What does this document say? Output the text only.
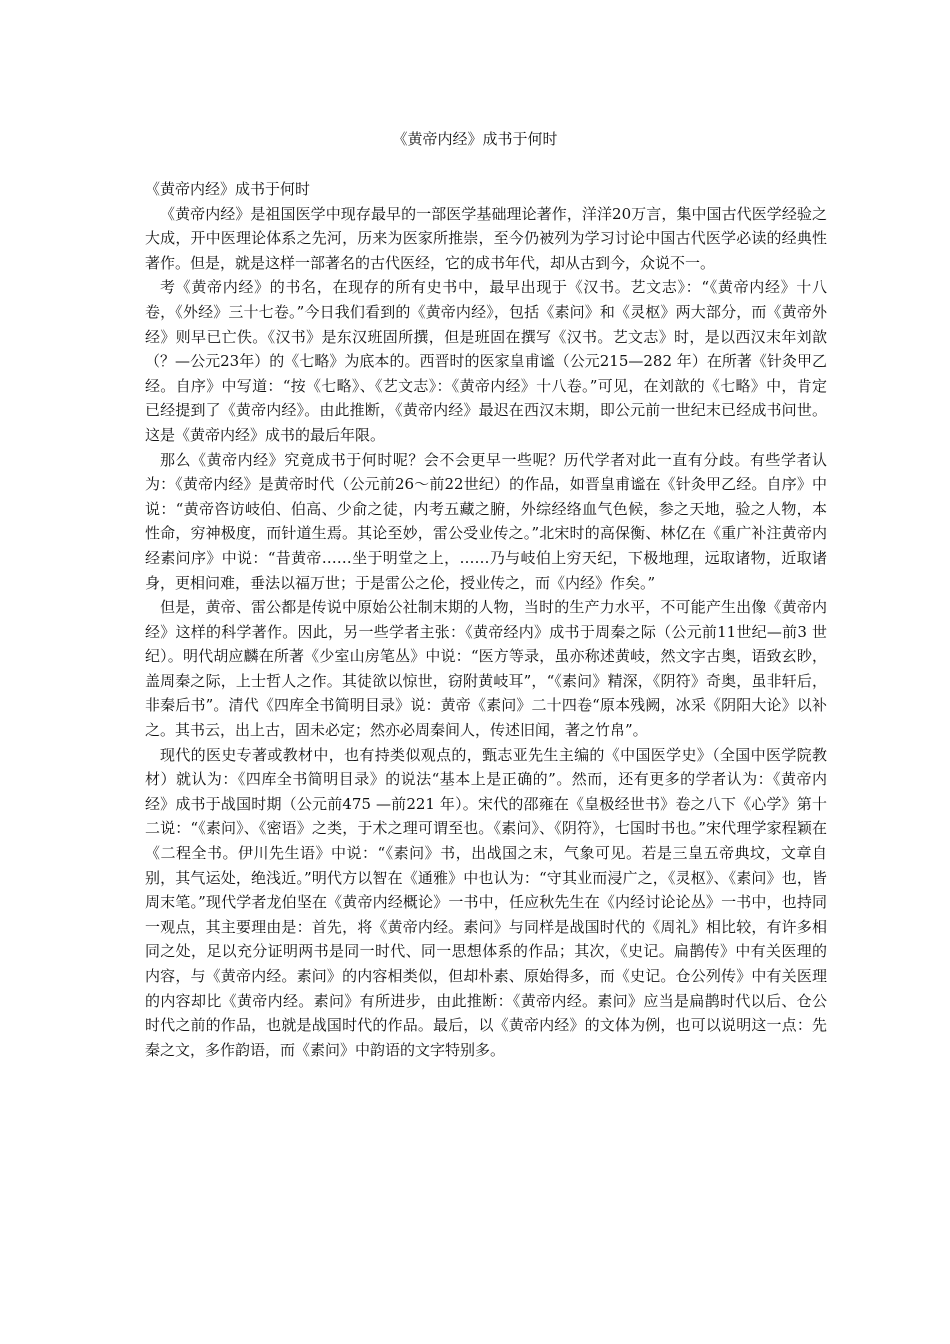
《黄帝内经》成书于何时

《黄帝内经》成书于何时

《黄帝内经》是祖国医学中现存最早的一部医学基础理论著作，洋洋20万言，集中国古代医学经验之大成，开中医理论体系之先河，历来为医家所推崇，至今仍被列为学习讨论中国古代医学必读的经典性著作。但是，就是这样一部著名的古代医经，它的成书年代，却从古到今，众说不一。

考《黄帝内经》的书名，在现存的所有史书中，最早出现于《汉书。艺文志》：“《黄帝内经》十八卷，《外经》三十七卷。”今日我们看到的《黄帝内经》，包括《素问》和《灵枢》两大部分，而《黄帝外经》则早已亡佚。《汉书》是东汉班固所撰，但是班固在撰写《汉书。艺文志》时，是以西汉末年刘歆（？—公元23年）的《七略》为底本的。西晋时的医家皇甫谧（公元215—282 年）在所著《针灸甲乙经。自序》中写道：“按《七略》、《艺文志》：《黄帝内经》十八卷。”可见，在刘歆的《七略》中，肯定已经提到了《黄帝内经》。由此推断，《黄帝内经》最迟在西汉末期，即公元前一世纪末已经成书问世。这是《黄帝内经》成书的最后年限。

那么《黄帝内经》究竟成书于何时呢？会不会更早一些呢？历代学者对此一直有分歧。有些学者认为：《黄帝内经》是黄帝时代（公元前26～前22世纪）的作品，如晋皇甫谧在《针灸甲乙经。自序》中说：“黄帝咨访岐伯、伯高、少俞之徒，内考五藏之腑，外综经络血气色候，参之天地，验之人物，本性命，穷神极度，而针道生焉。其论至妙，雷公受业传之。”北宋时的高保衡、林亿在《重广补注黄帝内经素问序》中说：“昔黄帝……坐于明堂之上，……乃与岐伯上穷天纪，下极地理，远取诸物，近取诸身，更相问难，垂法以福万世；于是雷公之伦，授业传之，而《内经》作矣。”

但是，黄帝、雷公都是传说中原始公社制末期的人物，当时的生产力水平，不可能产生出像《黄帝内经》这样的科学著作。因此，另一些学者主张：《黄帝经内》成书于周秦之际（公元前11世纪—前3 世纪）。明代胡应麟在所著《少室山房笔丛》中说：“医方等录，虽亦称述黄岐，然文字古奥，语致玄眇，盖周秦之际，上士哲人之作。其徒欲以惊世，窃附黄岐耳”，“《素问》精深，《阴符》奇奥，虽非轩后，非秦后书”。清代《四库全书简明目录》说：黄帝《素问》二十四卷“原本残阙，冰采《阴阳大论》以补之。其书云，出上古，固未必定；然亦必周秦间人，传述旧闻，著之竹帛”。

现代的医史专著或教材中，也有持类似观点的，甄志亚先生主编的《中国医学史》（全国中医学院教材）就认为：《四库全书简明目录》的说法“基本上是正确的”。然而，还有更多的学者认为：《黄帝内经》成书于战国时期（公元前475 —前221 年）。宋代的邵雍在《皇极经世书》卷之八下《心学》第十二说：“《素问》、《密语》之类，于术之理可谓至也。《素问》、《阴符》，七国时书也。”宋代理学家程颖在《二程全书。伊川先生语》中说：“《素问》书，出战国之末，气象可见。若是三皇五帝典坟，文章自别，其气运处，绝浅近。”明代方以智在《通雅》中也认为：“守其业而浸广之，《灵枢》、《素问》也，皆周末笔。”现代学者龙伯坚在《黄帝内经概论》一书中，任应秋先生在《内经讨论论丛》一书中，也持同一观点，其主要理由是：首先，将《黄帝内经。素问》与同样是战国时代的《周礼》相比较，有许多相同之处，足以充分证明两书是同一时代、同一思想体系的作品；其次，《史记。扁鹊传》中有关医理的内容，与《黄帝内经。素问》的内容相类似，但却朴素、原始得多，而《史记。仓公列传》中有关医理的内容却比《黄帝内经。素问》有所进步，由此推断：《黄帝内经。素问》应当是扁鹊时代以后、仓公时代之前的作品，也就是战国时代的作品。最后，以《黄帝内经》的文体为例，也可以说明这一点：先秦之文，多作韵语，而《素问》中韵语的文字特别多。
